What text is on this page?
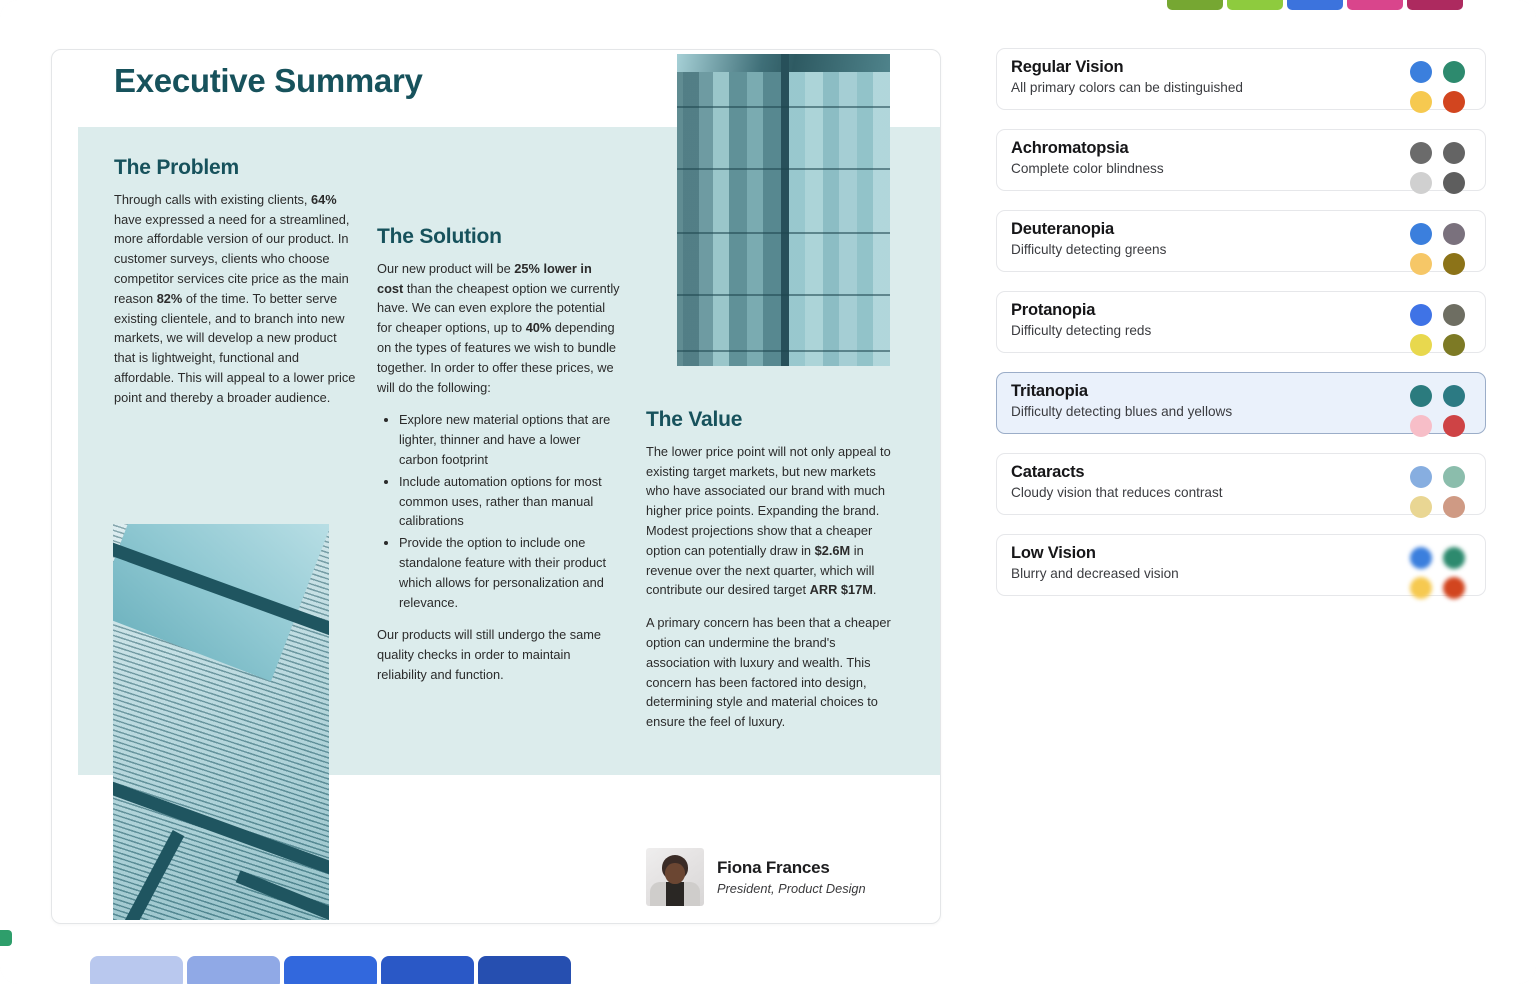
Executive Summary
The Problem

Through calls with existing clients, 64% have expressed a need for a streamlined, more affordable version of our product. In customer surveys, clients who choose competitor services cite price as the main reason 82% of the time. To better serve existing clientele, and to branch into new markets, we will develop a new product that is lightweight, functional and affordable. This will appeal to a lower price point and thereby a broader audience.

The Solution

Our new product will be 25% lower in cost than the cheapest option we currently have. We can even explore the potential for cheaper options, up to 40% depending on the types of features we wish to bundle together. In order to offer these prices, we will do the following:

• Explore new material options that are lighter, thinner and have a lower carbon footprint
• Include automation options for most common uses, rather than manual calibrations
• Provide the option to include one standalone feature with their product which allows for personalization and relevance.

Our products will still undergo the same quality checks in order to maintain reliability and function.

The Value

The lower price point will not only appeal to existing target markets, but new markets who have associated our brand with much higher price points. Expanding the brand. Modest projections show that a cheaper option can potentially draw in $2.6M in revenue over the next quarter, which will contribute our desired target ARR $17M.

A primary concern has been that a cheaper option can undermine the brand's association with luxury and wealth. This concern has been factored into design, determining style and material choices to ensure the feel of luxury.

Fiona Frances
President, Product Design
Regular Vision
All primary colors can be distinguished
Achromatopsia
Complete color blindness
Deuteranopia
Difficulty detecting greens
Protanopia
Difficulty detecting reds
Tritanopia
Difficulty detecting blues and yellows
Cataracts
Cloudy vision that reduces contrast
Low Vision
Blurry and decreased vision
